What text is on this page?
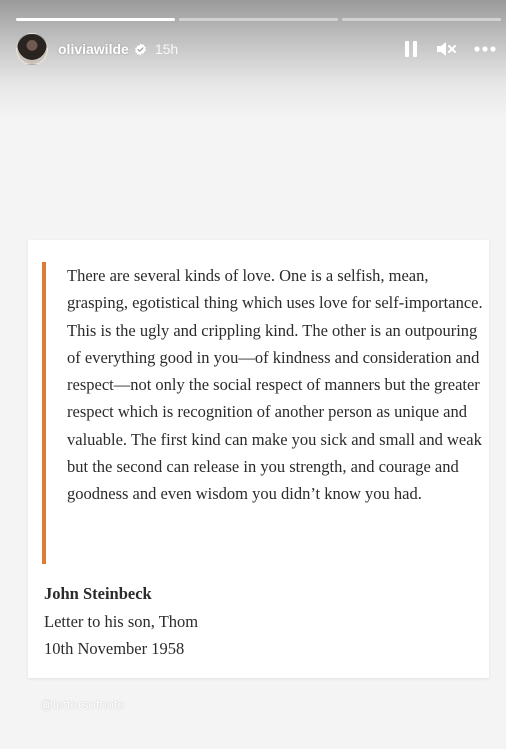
oliviawilde 15h
There are several kinds of love. One is a selfish, mean, grasping, egotistical thing which uses love for self-importance. This is the ugly and crippling kind. The other is an outpouring of everything good in you—of kindness and consideration and respect—not only the social respect of manners but the greater respect which is recognition of another person as unique and valuable. The first kind can make you sick and small and weak but the second can release in you strength, and courage and goodness and even wisdom you didn’t know you had.
John Steinbeck
Letter to his son, Thom
10th November 1958
@lettersofnote
